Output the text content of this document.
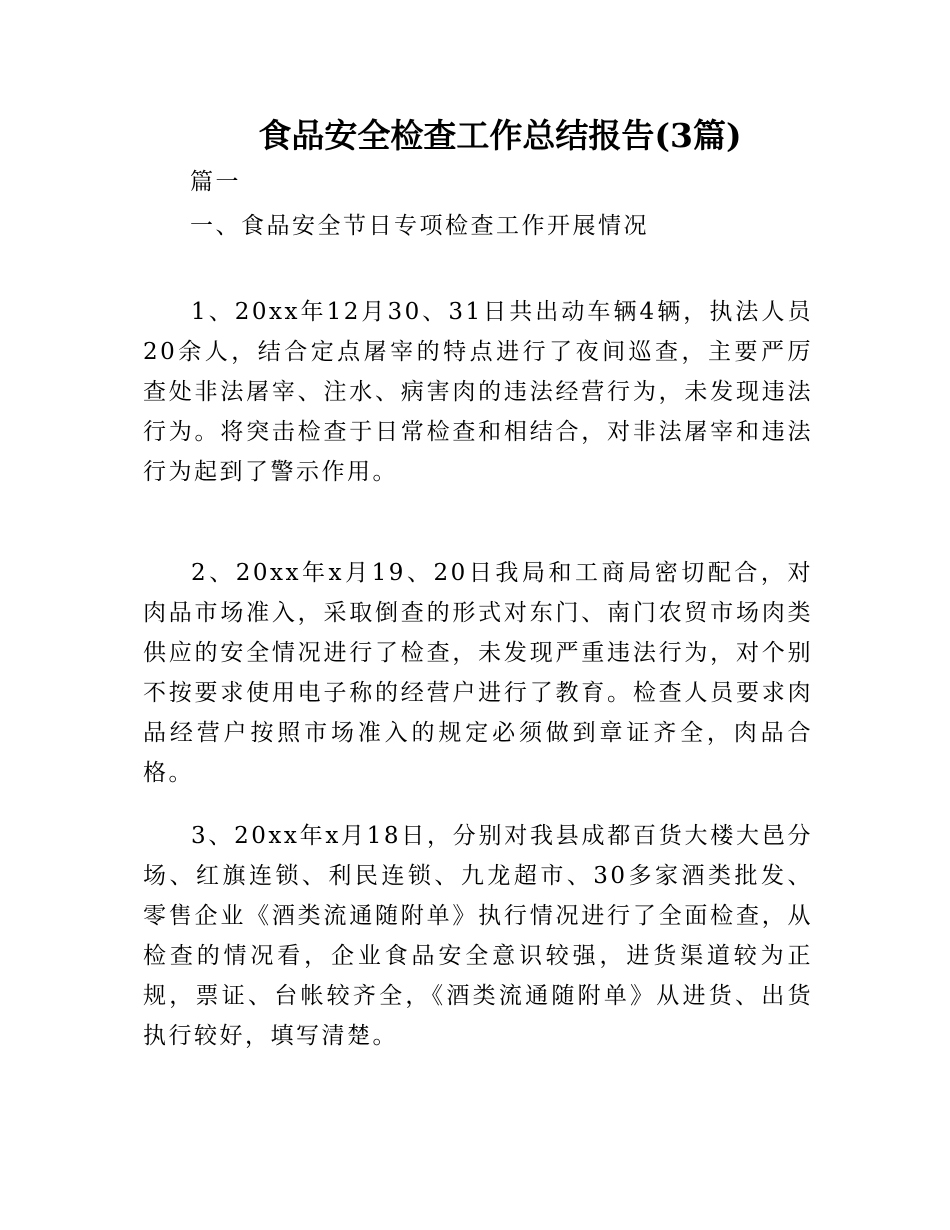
食品安全检查工作总结报告(3篇)
篇一
一、食品安全节日专项检查工作开展情况

1、20xx年12月30、31日共出动车辆4辆，执法人员20余人，结合定点屠宰的特点进行了夜间巡查，主要严厉查处非法屠宰、注水、病害肉的违法经营行为，未发现违法行为。将突击检查于日常检查和相结合，对非法屠宰和违法行为起到了警示作用。

2、20xx年x月19、20日我局和工商局密切配合，对肉品市场准入，采取倒查的形式对东门、南门农贸市场肉类供应的安全情况进行了检查，未发现严重违法行为，对个别不按要求使用电子称的经营户进行了教育。检查人员要求肉品经营户按照市场准入的规定必须做到章证齐全，肉品合格。

3、20xx年x月18日，分别对我县成都百货大楼大邑分场、红旗连锁、利民连锁、九龙超市、30多家酒类批发、零售企业《酒类流通随附单》执行情况进行了全面检查，从检查的情况看，企业食品安全意识较强，进货渠道较为正规，票证、台帐较齐全，《酒类流通随附单》从进货、出货执行较好，填写清楚。
